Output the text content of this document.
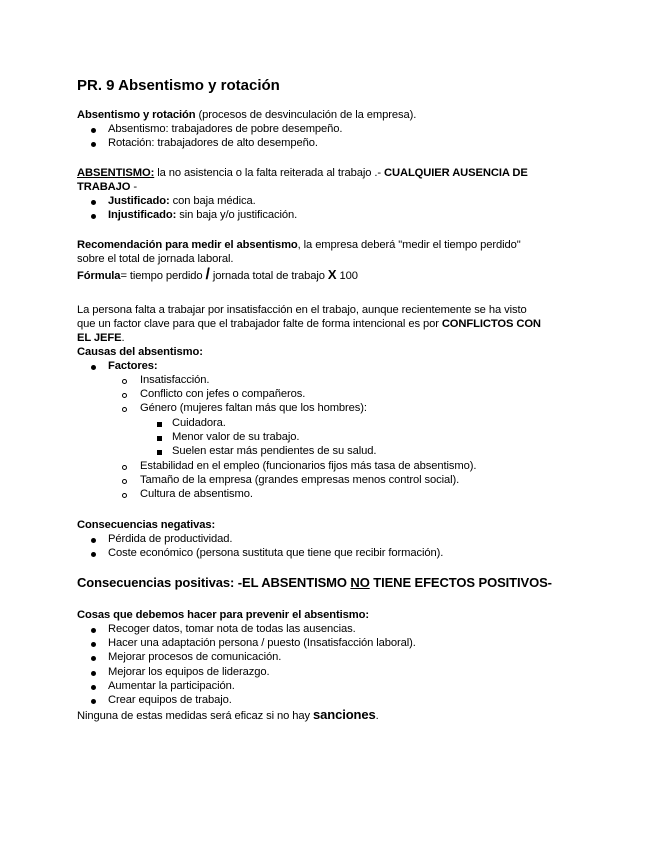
PR. 9 Absentismo y rotación
Absentismo y rotación (procesos de desvinculación de la empresa).
Absentismo: trabajadores de pobre desempeño.
Rotación: trabajadores de alto desempeño.
ABSENTISMO: la no asistencia o la falta reiterada al trabajo .- CUALQUIER AUSENCIA DE
TRABAJO -
Justificado: con baja médica.
Injustificado: sin baja y/o justificación.
Recomendación para medir el absentismo, la empresa deberá "medir el tiempo perdido"
sobre el total de jornada laboral.
Fórmula= tiempo perdido / jornada total de trabajo X 100
La persona falta a trabajar por insatisfacción en el trabajo, aunque recientemente se ha visto
que un factor clave para que el trabajador falte de forma intencional es por CONFLICTOS CON
EL JEFE.
Causas del absentismo:
Factores:
Insatisfacción.
Conflicto con jefes o compañeros.
Género (mujeres faltan más que los hombres):
Cuidadora.
Menor valor de su trabajo.
Suelen estar más pendientes de su salud.
Estabilidad en el empleo (funcionarios fijos más tasa de absentismo).
Tamaño de la empresa (grandes empresas menos control social).
Cultura de absentismo.
Consecuencias negativas:
Pérdida de productividad.
Coste económico (persona sustituta que tiene que recibir formación).
Consecuencias positivas: -EL ABSENTISMO NO TIENE EFECTOS POSITIVOS-
Cosas que debemos hacer para prevenir el absentismo:
Recoger datos, tomar nota de todas las ausencias.
Hacer una adaptación persona / puesto (Insatisfacción laboral).
Mejorar procesos de comunicación.
Mejorar los equipos de liderazgo.
Aumentar la participación.
Crear equipos de trabajo.
Ninguna de estas medidas será eficaz si no hay sanciones.
